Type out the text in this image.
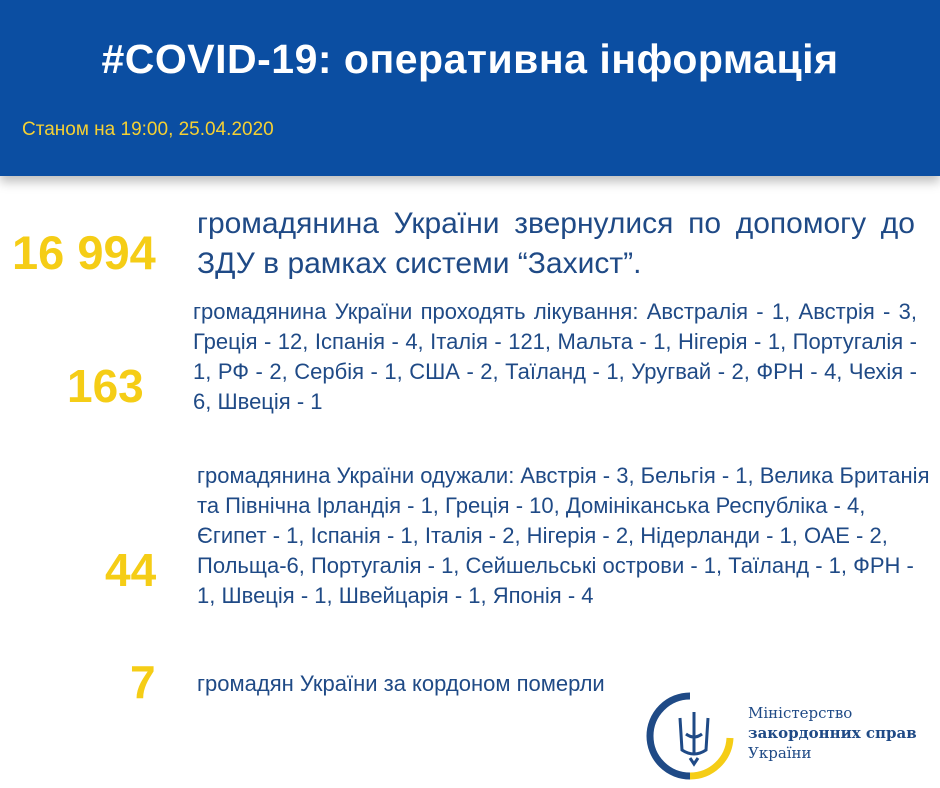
#COVID-19: оперативна інформація
Станом на 19:00, 25.04.2020
16 994
громадянина України звернулися по допомогу до ЗДУ в рамках системи “Захист”.
163
громадянина України проходять лікування: Австралія - 1, Австрія - 3, Греція - 12, Іспанія - 4, Італія - 121, Мальта - 1, Нігерія - 1, Португалія - 1, РФ - 2, Сербія - 1, США - 2, Таїланд - 1, Уругвай - 2, ФРН - 4, Чехія - 6, Швеція - 1
44
громадянина України одужали: Австрія - 3, Бельгія - 1, Велика Британія та Північна Ірландія - 1, Греція - 10, Домініканська Республіка - 4, Єгипет - 1, Іспанія - 1, Італія - 2, Нігерія - 2, Нідерланди - 1, ОАЕ - 2, Польща-6, Португалія - 1, Сейшельські острови - 1, Таїланд - 1, ФРН - 1, Швеція - 1, Швейцарія - 1, Японія - 4
7 громадян України за кордоном померли
Міністерство
закордонних справ
України
